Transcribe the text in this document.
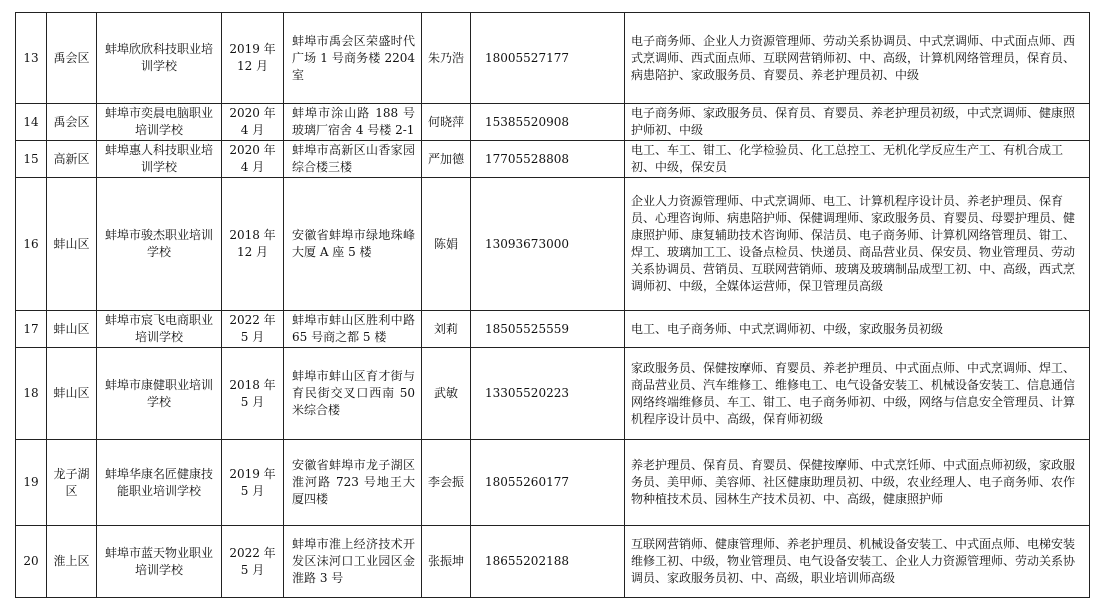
13	禹会区	蚌埠欣欣科技职业培训学校	2019 年 12 月	蚌埠市禹会区荣盛时代广场 1 号商务楼 2204 室	朱乃浩	18005527177	电子商务师、企业人力资源管理师、劳动关系协调员、中式烹调师、中式面点师、西式烹调师、西式面点师、互联网营销师初、中、高级，计算机网络管理员，保育员、病患陪护、家政服务员、育婴员、养老护理员初、中级
14	禹会区	蚌埠市奕晨电脑职业培训学校	2020 年 4 月	蚌埠市涂山路 188 号玻璃厂宿舍 4 号楼 2-1	何晓萍	15385520908	电子商务师、家政服务员、保育员、育婴员、养老护理员初级，中式烹调师、健康照护师初、中级
15	高新区	蚌埠惠人科技职业培训学校	2020 年 4 月	蚌埠市高新区山香家园综合楼三楼	严加德	17705528808	电工、车工、钳工、化学检验员、化工总控工、无机化学反应生产工、有机合成工初、中级，保安员
16	蚌山区	蚌埠市骏杰职业培训学校	2018 年 12 月	安徽省蚌埠市绿地珠峰大厦 A 座 5 楼	陈娟	13093673000	企业人力资源管理师、中式烹调师、电工、计算机程序设计员、养老护理员、保育员、心理咨询师、病患陪护师、保健调理师、家政服务员、育婴员、母婴护理员、健康照护师、康复辅助技术咨询师、保洁员、电子商务师、计算机网络管理员、钳工、焊工、玻璃加工工、设备点检员、快递员、商品营业员、保安员、物业管理员、劳动关系协调员、营销员、互联网营销师、玻璃及玻璃制品成型工初、中、高级，西式烹调师初、中级，全媒体运营师，保卫管理员高级
17	蚌山区	蚌埠市宸飞电商职业培训学校	2022 年 5 月	蚌埠市蚌山区胜利中路 65 号商之都 5 楼	刘莉	18505525559	电工、电子商务师、中式烹调师初、中级，家政服务员初级
18	蚌山区	蚌埠市康健职业培训学校	2018 年 5 月	蚌埠市蚌山区育才街与育民街交叉口西南 50 米综合楼	武敏	13305520223	家政服务员、保健按摩师、育婴员、养老护理员、中式面点师、中式烹调师、焊工、商品营业员、汽车维修工、维修电工、电气设备安装工、机械设备安装工、信息通信网络终端维修员、车工、钳工、电子商务师初、中级，网络与信息安全管理员、计算机程序设计员中、高级，保育师初级
19	龙子湖区	蚌埠华康名匠健康技能职业培训学校	2019 年 5 月	安徽省蚌埠市龙子湖区淮河路 723 号地王大厦四楼	李会振	18055260177	养老护理员、保育员、育婴员、保健按摩师、中式烹饪师、中式面点师初级，家政服务员、美甲师、美容师、社区健康助理员初、中级，农业经理人、电子商务师、农作物种植技术员、园林生产技术员初、中、高级，健康照护师
20	淮上区	蚌埠市蓝天物业职业培训学校	2022 年 5 月	蚌埠市淮上经济技术开发区沫河口工业园区金淮路 3 号	张振坤	18655202188	互联网营销师、健康管理师、养老护理员、机械设备安装工、中式面点师、电梯安装维修工初、中级，物业管理员、电气设备安装工、企业人力资源管理师、劳动关系协调员、家政服务员初、中、高级，职业培训师高级
